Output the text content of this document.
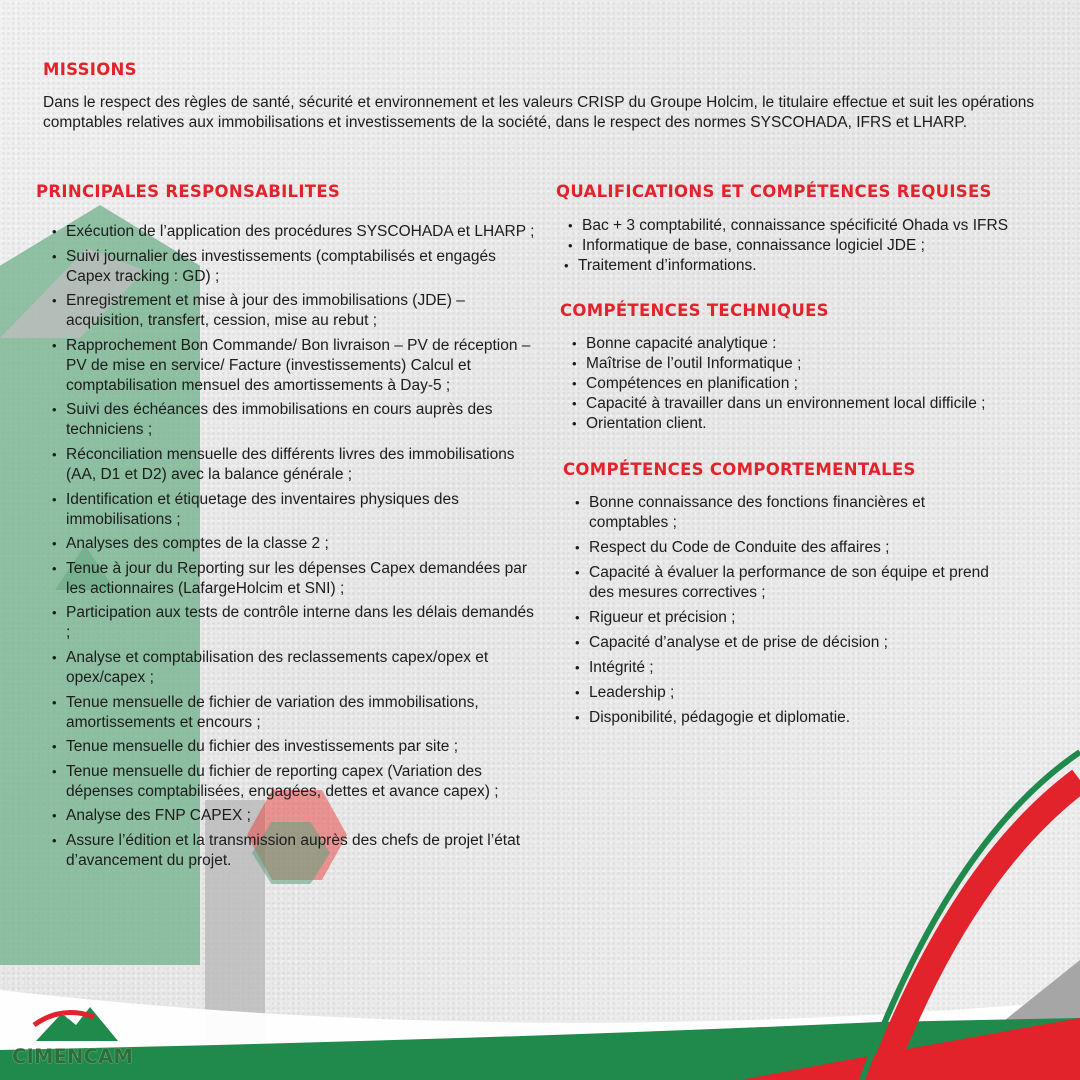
MISSIONS

Dans le respect des règles de santé, sécurité et environnement et les valeurs CRISP du Groupe Holcim, le titulaire effectue et suit les opérations comptables relatives aux immobilisations et investissements de la société, dans le respect des normes SYSCOHADA, IFRS et LHARP.

PRINCIPALES RESPONSABILITES
• Exécution de l’application des procédures SYSCOHADA et LHARP ;
• Suivi journalier des investissements (comptabilisés et engagés Capex tracking : GD) ;
• Enregistrement et mise à jour des immobilisations (JDE) – acquisition, transfert, cession, mise au rebut ;
• Rapprochement Bon Commande/ Bon livraison – PV de réception – PV de mise en service/ Facture (investissements) Calcul et comptabilisation mensuel des amortissements à Day-5 ;
• Suivi des échéances des immobilisations en cours auprès des techniciens ;
• Réconciliation mensuelle des différents livres des immobilisations (AA, D1 et D2) avec la balance générale ;
• Identification et étiquetage des inventaires physiques des immobilisations ;
• Analyses des comptes de la classe 2 ;
• Tenue à jour du Reporting sur les dépenses Capex demandées par les actionnaires (LafargeHolcim et SNI) ;
• Participation aux tests de contrôle interne dans les délais demandés ;
• Analyse et comptabilisation des reclassements capex/opex et opex/capex ;
• Tenue mensuelle de fichier de variation des immobilisations, amortissements et encours ;
• Tenue mensuelle du fichier des investissements par site ;
• Tenue mensuelle du fichier de reporting capex (Variation des dépenses comptabilisées, engagées, dettes et avance capex) ;
• Analyse des FNP CAPEX ;
• Assure l’édition et la transmission auprès des chefs de projet l’état d’avancement du projet.
QUALIFICATIONS ET COMPÉTENCES REQUISES
• Bac + 3 comptabilité, connaissance spécificité Ohada vs IFRS
• Informatique de base, connaissance logiciel JDE ;
• Traitement d’informations.
COMPÉTENCES TECHNIQUES
• Bonne capacité analytique :
• Maîtrise de l’outil Informatique ;
• Compétences en planification ;
• Capacité à travailler dans un environnement local difficile ;
• Orientation client.
COMPÉTENCES COMPORTEMENTALES
• Bonne connaissance des fonctions financières et comptables ;
• Respect du Code de Conduite des affaires ;
• Capacité à évaluer la performance de son équipe et prend des mesures correctives ;
• Rigueur et précision ;
• Capacité d’analyse et de prise de décision ;
• Intégrité ;
• Leadership ;
• Disponibilité, pédagogie et diplomatie.
CIMENCAM
